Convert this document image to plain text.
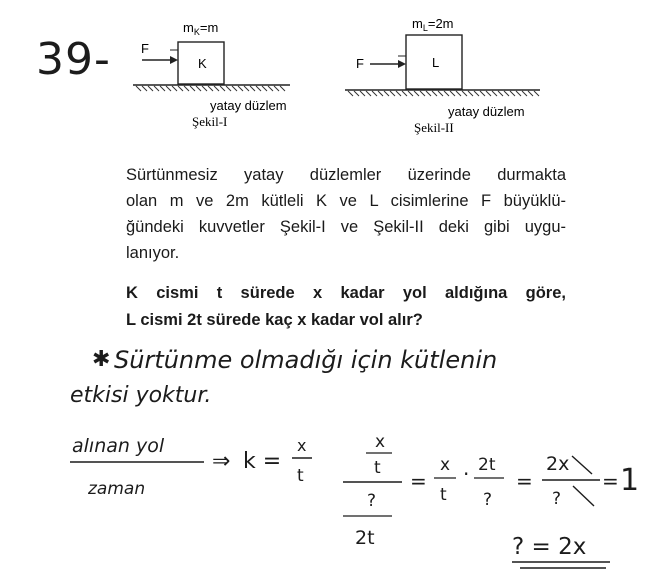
$m_K=m$
K
F
yatay düzlem
Şekil-I
$m_L=2m$
L
F
yatay düzlem
Şekil-II
39-
Sürtünmesiz yatay düzlemler üzerinde durmakta
olan m ve 2m kütleli K ve L cisimlerine F büyüklü-
ğündeki kuvvetler Şekil-I ve Şekil-II deki gibi uygu-
lanıyor.
K cismi t sürede x kadar yol aldığına göre,
L cismi 2t sürede kaç x kadar vol alır?
✱ Sürtünme olmadığı için kütlenin
etkisi yoktur.
alınan yol
zaman
⇒ k =
x
t
x
t
?
2t
=
x
t
· 2t
?
=
2x
?
= 1
? = 2x
